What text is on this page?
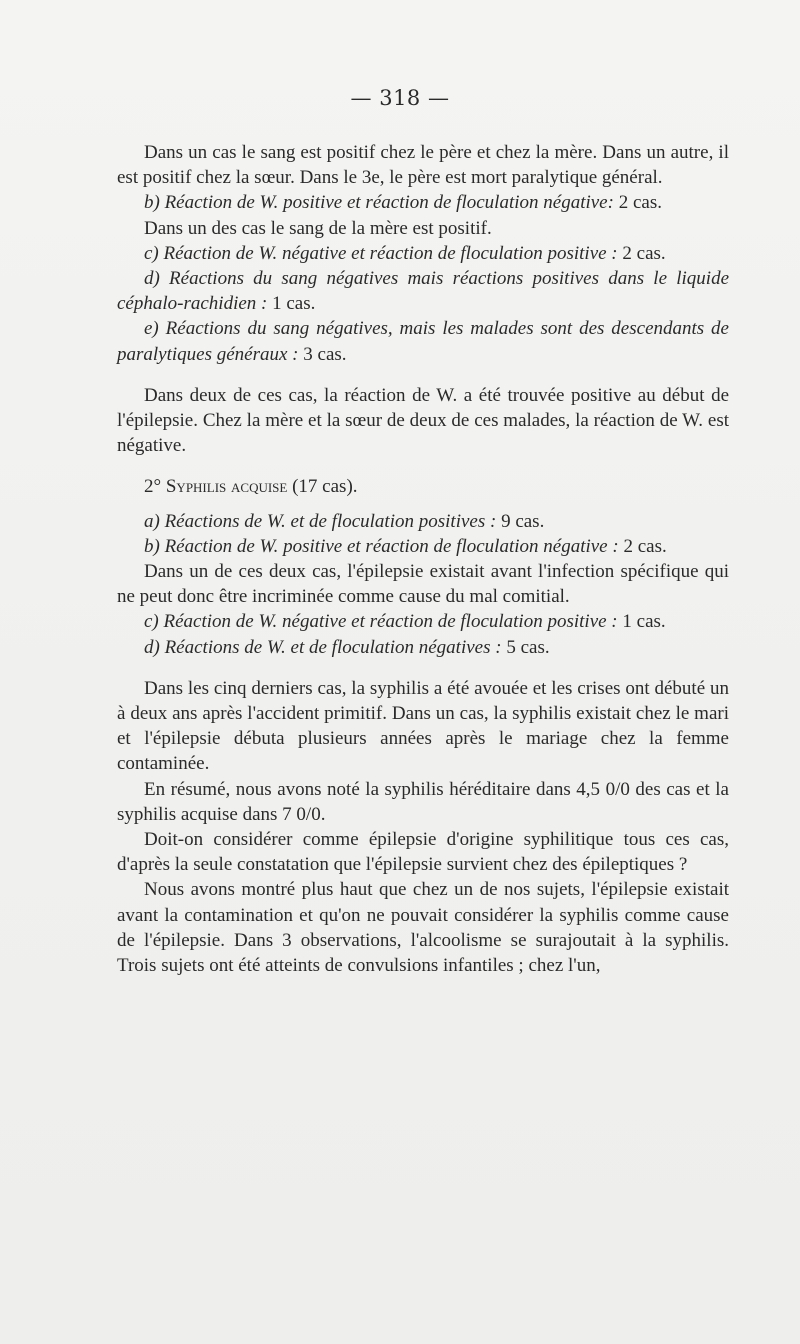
— 318 —

Dans un cas le sang est positif chez le père et chez la mère. Dans un autre, il est positif chez la sœur. Dans le 3e, le père est mort paralytique général.

b) Réaction de W. positive et réaction de floculation négative: 2 cas.

Dans un des cas le sang de la mère est positif.

c) Réaction de W. négative et réaction de floculation positive : 2 cas.

d) Réactions du sang négatives mais réactions positives dans le liquide céphalo-rachidien : 1 cas.

e) Réactions du sang négatives, mais les malades sont des descendants de paralytiques généraux : 3 cas.

Dans deux de ces cas, la réaction de W. a été trouvée positive au début de l'épilepsie. Chez la mère et la sœur de deux de ces malades, la réaction de W. est négative.

2° Syphilis acquise (17 cas).

a) Réactions de W. et de floculation positives : 9 cas.

b) Réaction de W. positive et réaction de floculation négative : 2 cas.

Dans un de ces deux cas, l'épilepsie existait avant l'infection spécifique qui ne peut donc être incriminée comme cause du mal comitial.

c) Réaction de W. négative et réaction de floculation positive : 1 cas.

d) Réactions de W. et de floculation négatives : 5 cas.

Dans les cinq derniers cas, la syphilis a été avouée et les crises ont débuté un à deux ans après l'accident primitif. Dans un cas, la syphilis existait chez le mari et l'épilepsie débuta plusieurs années après le mariage chez la femme contaminée.

En résumé, nous avons noté la syphilis héréditaire dans 4,5 0/0 des cas et la syphilis acquise dans 7 0/0.

Doit-on considérer comme épilepsie d'origine syphilitique tous ces cas, d'après la seule constatation que l'épilepsie survient chez des épileptiques ?

Nous avons montré plus haut que chez un de nos sujets, l'épilepsie existait avant la contamination et qu'on ne pouvait considérer la syphilis comme cause de l'épilepsie. Dans 3 observations, l'alcoolisme se surajoutait à la syphilis. Trois sujets ont été atteints de convulsions infantiles ; chez l'un,
